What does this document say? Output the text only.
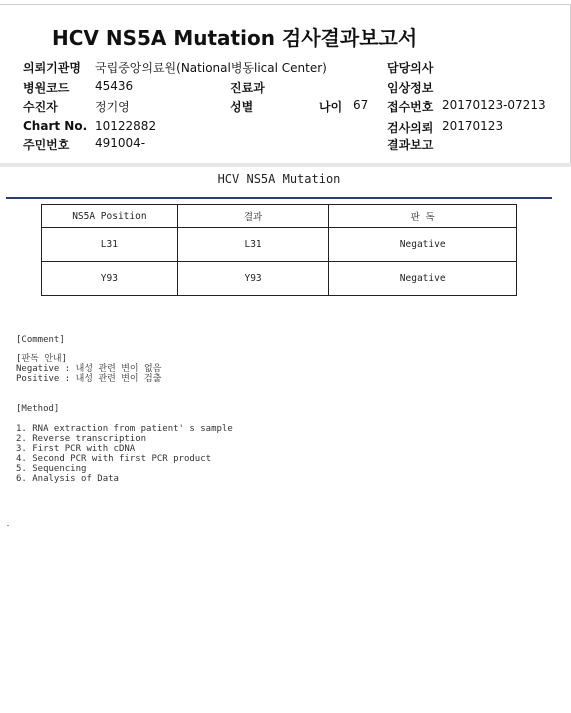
HCV NS5A Mutation 검사결과보고서
의뢰기관명 국립중앙의료원(National병동lical Center)	담당의사
병원코드 45436	진료과	임상정보
수진자	정기영	성별	나이 67 접수번호 20170123-07213
Chart No. 10122882	검사의뢰 20170123
주민번호 491004-	결과보고
HCV NS5A Mutation
NS5A Position	결과	판 독
L31	L31	Negative
Y93	Y93	Negative
[Comment]
[판독 안내]
Negative : 내성 관련 변이 없음
Positive : 내성 관련 변이 검출
[Method]
1. RNA extraction from patient' s sample
2. Reverse transcription
3. First PCR with cDNA
4. Second PCR with first PCR product
5. Sequencing
6. Analysis of Data
